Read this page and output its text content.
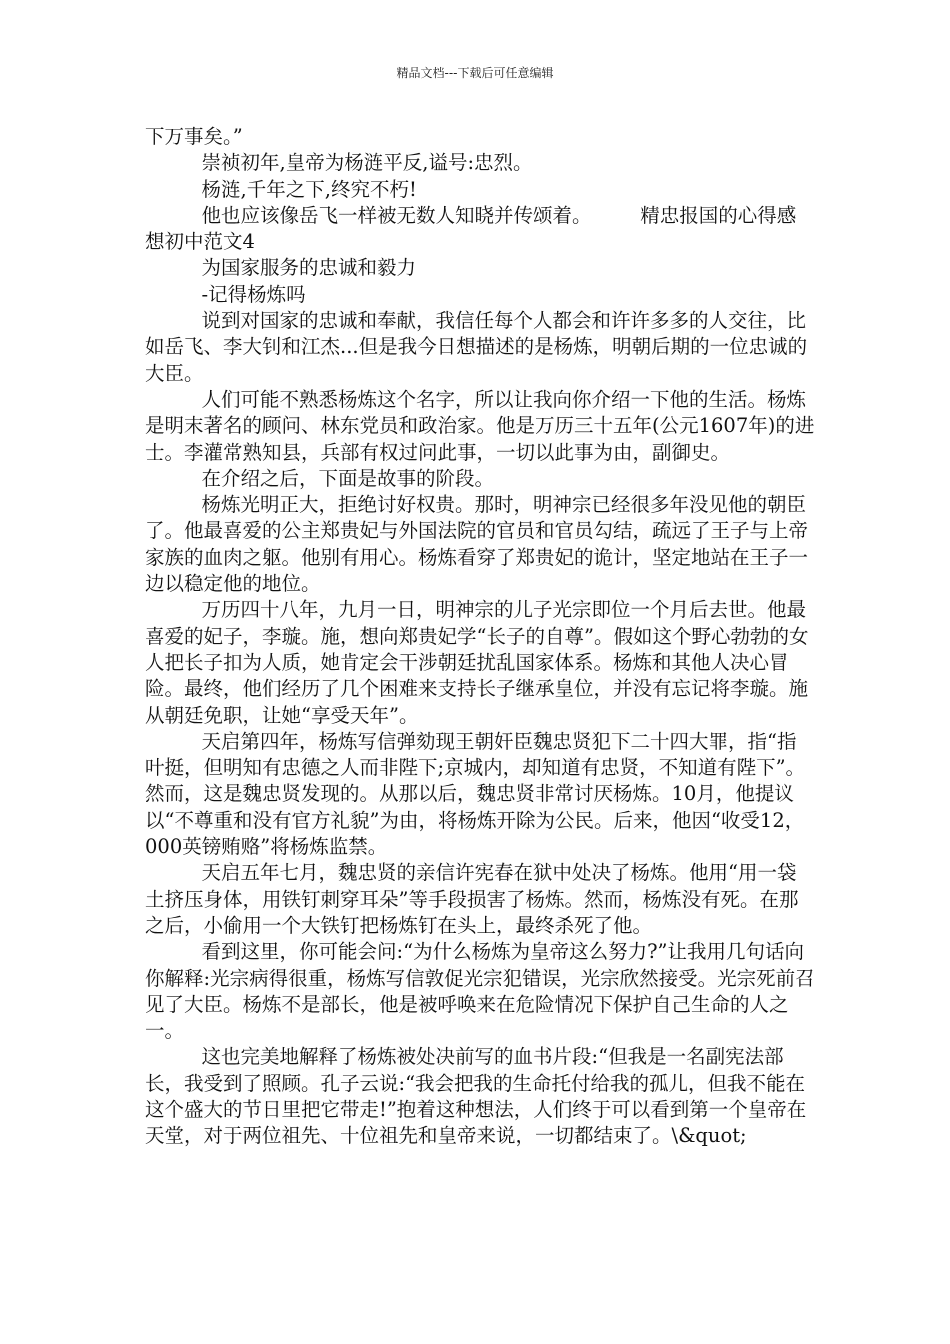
精品文档---下载后可任意编辑

下万事矣。”

崇祯初年,皇帝为杨涟平反,谥号:忠烈。

杨涟,千年之下,终究不朽!

他也应该像岳飞一样被无数人知晓并传颂着。　　　精忠报国的心得感想初中范文4

为国家服务的忠诚和毅力

-记得杨炼吗

说到对国家的忠诚和奉献，我信任每个人都会和许许多多的人交往，比如岳飞、李大钊和江杰...但是我今日想描述的是杨炼，明朝后期的一位忠诚的大臣。

人们可能不熟悉杨炼这个名字，所以让我向你介绍一下他的生活。杨炼是明末著名的顾问、林东党员和政治家。他是万历三十五年(公元1607年)的进士。李灌常熟知县，兵部有权过问此事，一切以此事为由，副御史。

在介绍之后，下面是故事的阶段。

杨炼光明正大，拒绝讨好权贵。那时，明神宗已经很多年没见他的朝臣了。他最喜爱的公主郑贵妃与外国法院的官员和官员勾结，疏远了王子与上帝家族的血肉之躯。他别有用心。杨炼看穿了郑贵妃的诡计，坚定地站在王子一边以稳定他的地位。

万历四十八年，九月一日，明神宗的儿子光宗即位一个月后去世。他最喜爱的妃子，李璇。施，想向郑贵妃学“长子的自尊”。假如这个野心勃勃的女人把长子扣为人质，她肯定会干涉朝廷扰乱国家体系。杨炼和其他人决心冒险。最终，他们经历了几个困难来支持长子继承皇位，并没有忘记将李璇。施从朝廷免职，让她“享受天年”。

天启第四年，杨炼写信弹劾现王朝奸臣魏忠贤犯下二十四大罪，指“指叶挺，但明知有忠德之人而非陛下;京城内，却知道有忠贤，不知道有陛下”。然而，这是魏忠贤发现的。从那以后，魏忠贤非常讨厌杨炼。10月，他提议以“不尊重和没有官方礼貌”为由，将杨炼开除为公民。后来，他因“收受12，000英镑贿赂”将杨炼监禁。

天启五年七月，魏忠贤的亲信许宪春在狱中处决了杨炼。他用“用一袋土挤压身体，用铁钉刺穿耳朵”等手段损害了杨炼。然而，杨炼没有死。在那之后，小偷用一个大铁钉把杨炼钉在头上，最终杀死了他。

看到这里，你可能会问:“为什么杨炼为皇帝这么努力?”让我用几句话向你解释:光宗病得很重，杨炼写信敦促光宗犯错误，光宗欣然接受。光宗死前召见了大臣。杨炼不是部长，他是被呼唤来在危险情况下保护自己生命的人之一。

这也完美地解释了杨炼被处决前写的血书片段:“但我是一名副宪法部长，我受到了照顾。孔子云说:“我会把我的生命托付给我的孤儿，但我不能在这个盛大的节日里把它带走!”抱着这种想法，人们终于可以看到第一个皇帝在天堂，对于两位祖先、十位祖先和皇帝来说，一切都结束了。\&quot;
